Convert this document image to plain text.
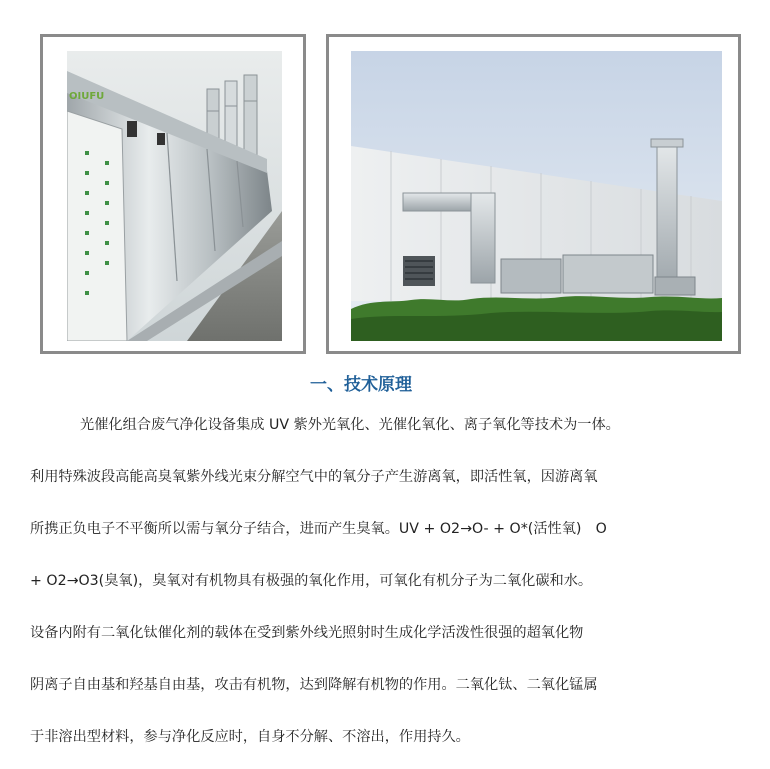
OIUFU
一、技术原理
光催化组合废气净化设备集成 UV 紫外光氧化、光催化氧化、离子氧化等技术为一体。
利用特殊波段高能高臭氧紫外线光束分解空气中的氧分子产生游离氧，即活性氧，因游离氧
所携正负电子不平衡所以需与氧分子结合，进而产生臭氧。UV + O2→O- + O*(活性氧)　O
+ O2→O3(臭氧)，臭氧对有机物具有极强的氧化作用，可氧化有机分子为二氧化碳和水。
设备内附有二氧化钛催化剂的载体在受到紫外线光照射时生成化学活泼性很强的超氧化物
阴离子自由基和羟基自由基，攻击有机物，达到降解有机物的作用。二氧化钛、二氧化锰属
于非溶出型材料，参与净化反应时，自身不分解、不溶出，作用持久。
